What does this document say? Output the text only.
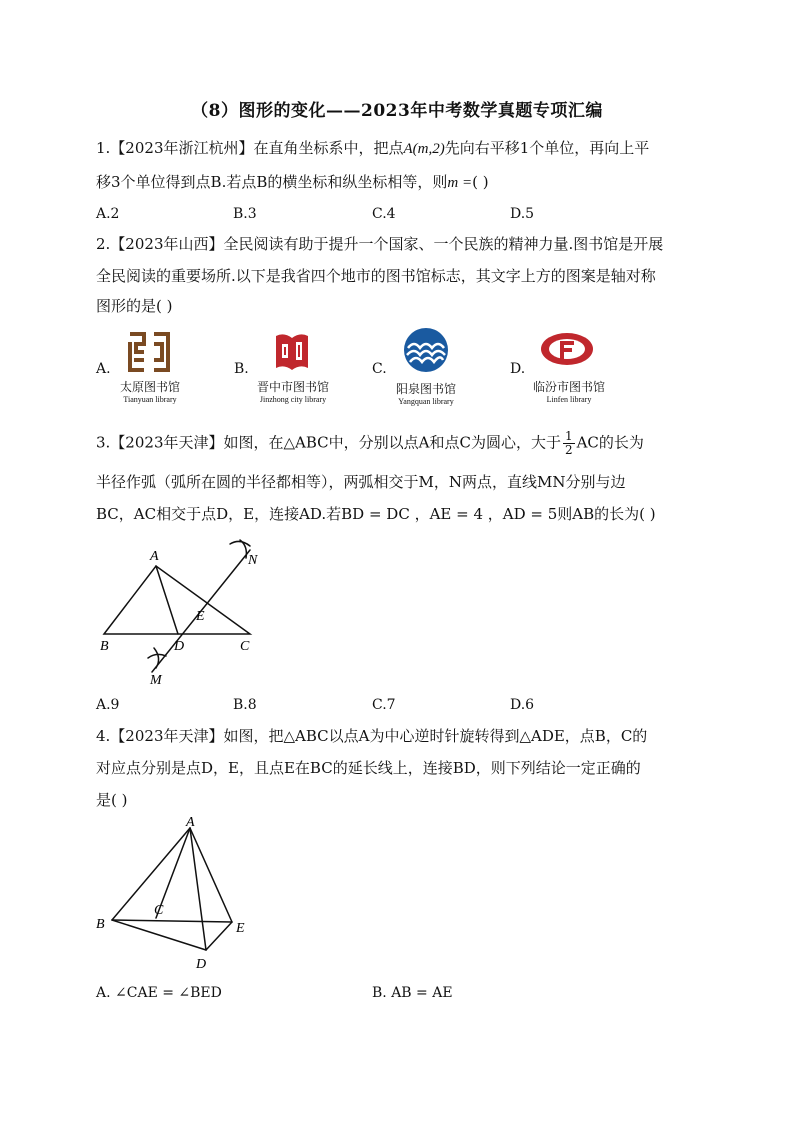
（8）图形的变化——2023年中考数学真题专项汇编
1.【2023年浙江杭州】在直角坐标系中，把点A(m,2)先向右平移1个单位，再向上平
移3个单位得到点B.若点B的横坐标和纵坐标相等，则m =( )
A.2	B.3	C.4	D.5
2.【2023年山西】全民阅读有助于提升一个国家、一个民族的精神力量.图书馆是开展
全民阅读的重要场所.以下是我省四个地市的图书馆标志，其文字上方的图案是轴对称
图形的是( )
A.
太原图书馆
Tianyuan library
B.
晋中市图书馆
Jinzhong city library
C.
阳泉图书馆
Yangquan library
D.
临汾市图书馆
Linfen library
3.【2023年天津】如图，在△ABC中，分别以点A和点C为圆心，大于 $\frac{1}{2}$ AC的长为
半径作弧（弧所在圆的半径都相等），两弧相交于M，N两点，直线MN分别与边
BC，AC相交于点D，E，连接AD.若BD = DC ，AE = 4 ，AD = 5则AB的长为( )
A
B	C
D
E
N
M
A.9	B.8	C.7	D.6
4.【2023年天津】如图，把△ABC以点A为中心逆时针旋转得到△ADE，点B，C的
对应点分别是点D，E，且点E在BC的延长线上，连接BD，则下列结论一定正确的
是( )
A
B
C
E
D
A. ∠CAE = ∠BED	B. AB = AE
